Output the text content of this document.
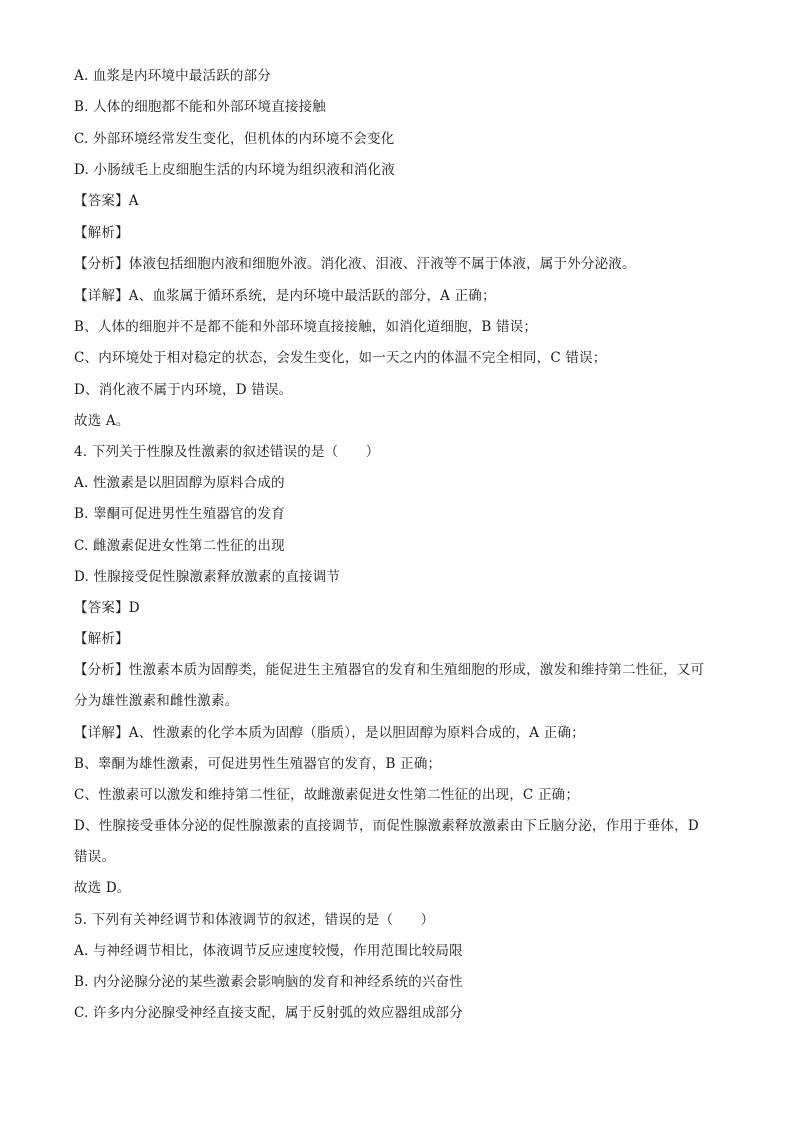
A. 血浆是内环境中最活跃的部分
B. 人体的细胞都不能和外部环境直接接触
C. 外部环境经常发生变化，但机体的内环境不会变化
D. 小肠绒毛上皮细胞生活的内环境为组织液和消化液
【答案】A
【解析】
【分析】体液包括细胞内液和细胞外液。消化液、泪液、汗液等不属于体液，属于外分泌液。
【详解】A、血浆属于循环系统，是内环境中最活跃的部分，A 正确；
B、人体的细胞并不是都不能和外部环境直接接触，如消化道细胞，B 错误；
C、内环境处于相对稳定的状态，会发生变化，如一天之内的体温不完全相同，C 错误；
D、消化液不属于内环境，D 错误。
故选 A。
4. 下列关于性腺及性激素的叙述错误的是（　　）
A. 性激素是以胆固醇为原料合成的
B. 睾酮可促进男性生殖器官的发育
C. 雌激素促进女性第二性征的出现
D. 性腺接受促性腺激素释放激素的直接调节
【答案】D
【解析】
【分析】性激素本质为固醇类，能促进生主殖器官的发育和生殖细胞的形成，激发和维持第二性征，又可
分为雄性激素和雌性激素。
【详解】A、性激素的化学本质为固醇（脂质），是以胆固醇为原料合成的，A 正确；
B、睾酮为雄性激素，可促进男性生殖器官的发育，B 正确；
C、性激素可以激发和维持第二性征，故雌激素促进女性第二性征的出现，C 正确；
D、性腺接受垂体分泌的促性腺激素的直接调节，而促性腺激素释放激素由下丘脑分泌，作用于垂体，D
错误。
故选 D。
5. 下列有关神经调节和体液调节的叙述，错误的是（　　）
A. 与神经调节相比，体液调节反应速度较慢，作用范围比较局限
B. 内分泌腺分泌的某些激素会影响脑的发育和神经系统的兴奋性
C. 许多内分泌腺受神经直接支配，属于反射弧的效应器组成部分
